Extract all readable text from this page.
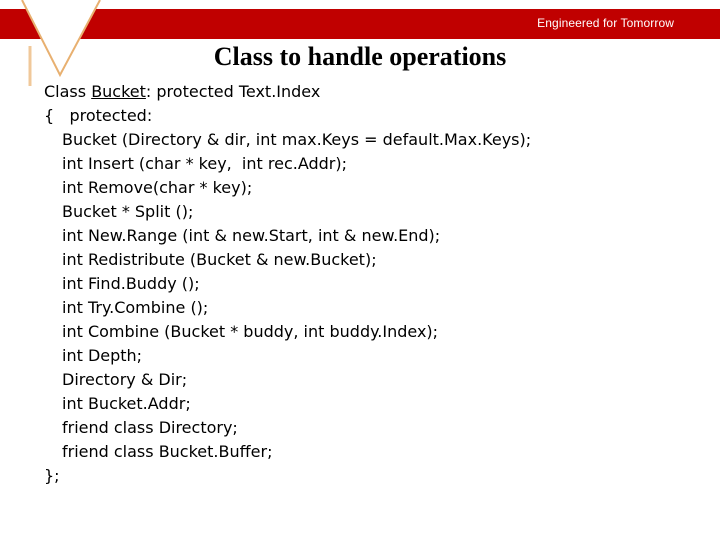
Engineered for Tomorrow
Class to handle operations
Class Bucket: protected Text.Index
{ protected:
Bucket (Directory & dir, int max.Keys = default.Max.Keys);
int Insert (char * key,  int rec.Addr);
int Remove(char * key);
Bucket * Split ();
int New.Range (int & new.Start, int & new.End);
int Redistribute (Bucket & new.Bucket);
int Find.Buddy ();
int Try.Combine ();
int Combine (Bucket * buddy, int buddy.Index);
int Depth;
Directory & Dir;
int Bucket.Addr;
friend class Directory;
friend class Bucket.Buffer;
};
